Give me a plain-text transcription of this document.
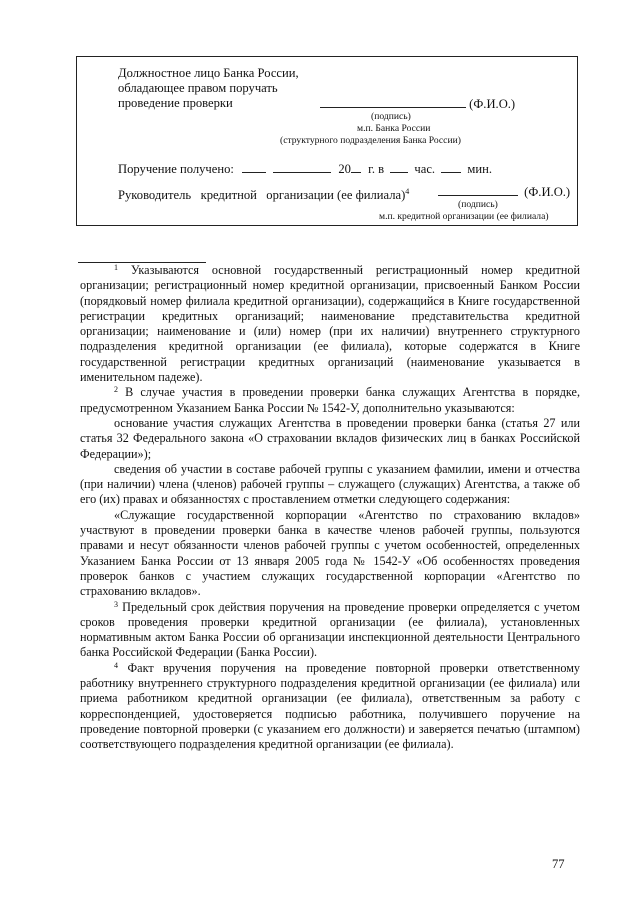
Должностное лицо Банка России,
обладающее правом поручать
проведение проверки	(Ф.И.О.)
(подпись)
м.п. Банка России
(структурного подразделения Банка России)
Поручение получено:	20 г. в час.	мин.
Руководитель   кредитной   организации (ее филиала)$^4$	(Ф.И.О.)
(подпись)
м.п. кредитной организации (ее филиала)

$^1$ Указываются основной государственный регистрационный номер кредитной организации; регистрационный номер кредитной организации, присвоенный Банком России (порядковый номер филиала кредитной организации), содержащийся в Книге государственной регистрации кредитных организаций; наименование представительства кредитной организации; наименование и (или) номер (при их наличии) внутреннего структурного подразделения кредитной организации (ее филиала), которые содержатся в Книге государственной регистрации кредитных организаций (наименование указывается в именительном падеже).

$^2$ В случае участия в проведении проверки банка служащих Агентства в порядке, предусмотренном Указанием Банка России № 1542-У, дополнительно указываются:

основание участия служащих Агентства в проведении проверки банка (статья 27 или статья 32 Федерального закона «О страховании вкладов физических лиц в банках Российской Федерации»);

сведения об участии в составе рабочей группы с указанием фамилии, имени и отчества (при наличии) члена (членов) рабочей группы – служащего (служащих) Агентства, а также об его (их) правах и обязанностях с проставлением отметки следующего содержания:

«Служащие государственной корпорации «Агентство по страхованию вкладов» участвуют в проведении проверки банка в качестве членов рабочей группы, пользуются правами и несут обязанности членов рабочей группы с учетом особенностей, определенных Указанием Банка России от 13 января 2005 года № 1542-У «Об особенностях проведения проверок банков с участием служащих государственной корпорации «Агентство по страхованию вкладов».

$^3$ Предельный срок действия поручения на проведение проверки определяется с учетом сроков проведения проверки кредитной организации (ее филиала), установленных нормативным актом Банка России об организации инспекционной деятельности Центрального банка Российской Федерации (Банка России).

$^4$ Факт вручения поручения на проведение повторной проверки ответственному работнику внутреннего структурного подразделения кредитной организации (ее филиала) или приема работником кредитной организации (ее филиала), ответственным за работу с корреспонденцией, удостоверяется подписью работника, получившего поручение на проведение повторной проверки (с указанием его должности) и заверяется печатью (штампом) соответствующего подразделения кредитной организации (ее филиала).

77
